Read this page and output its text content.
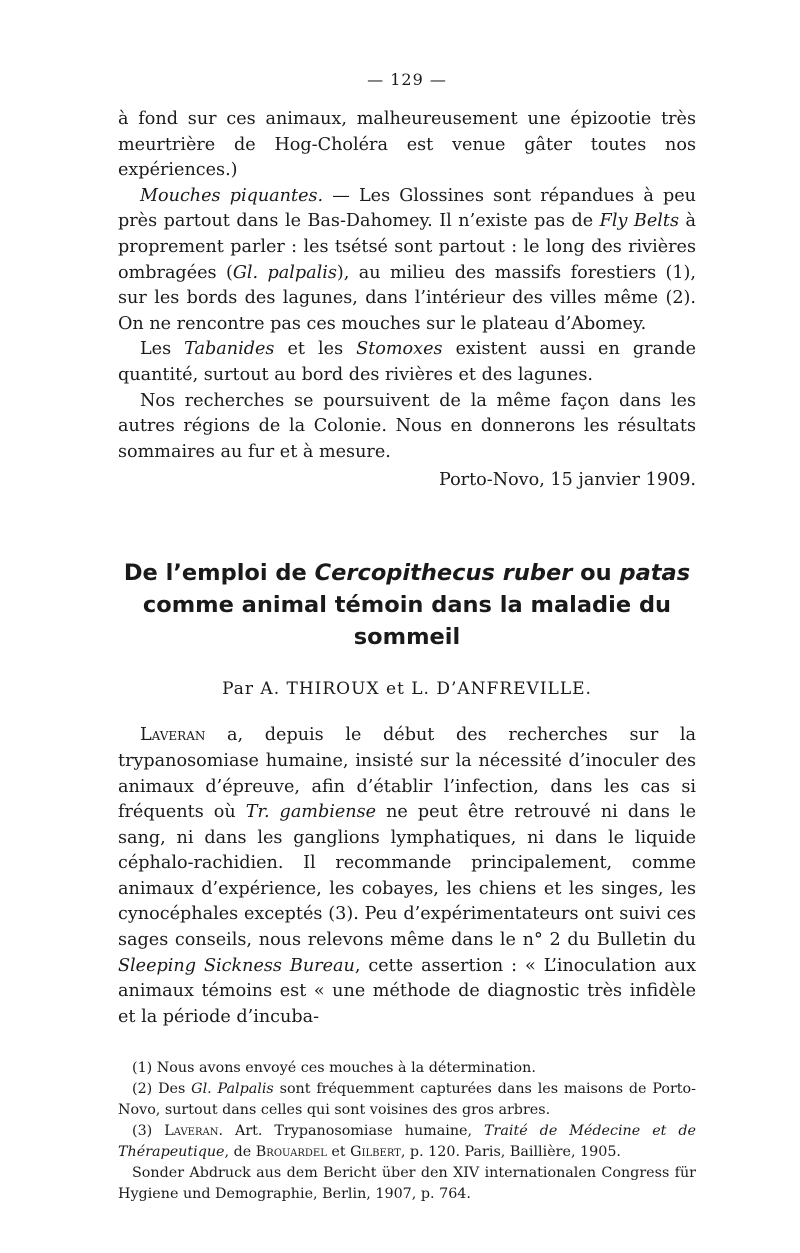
— 129 —

à fond sur ces animaux, malheureusement une épizootie très meurtrière de Hog-Choléra est venue gâter toutes nos expériences.)

Mouches piquantes. — Les Glossines sont répandues à peu près partout dans le Bas-Dahomey. Il n’existe pas de Fly Belts à proprement parler : les tsétsé sont partout : le long des rivières ombragées (Gl. palpalis), au milieu des massifs forestiers (1), sur les bords des lagunes, dans l’intérieur des villes même (2). On ne rencontre pas ces mouches sur le plateau d’Abomey.

Les Tabanides et les Stomoxes existent aussi en grande quantité, surtout au bord des rivières et des lagunes.

Nos recherches se poursuivent de la même façon dans les autres régions de la Colonie. Nous en donnerons les résultats sommaires au fur et à mesure.

Porto-Novo, 15 janvier 1909.
De l’emploi de Cercopithecus ruber ou patas
comme animal témoin dans la maladie du sommeil
Par A. THIROUX et L. D’ANFREVILLE.

Laveran a, depuis le début des recherches sur la trypanosomiase humaine, insisté sur la nécessité d’inoculer des animaux d’épreuve, afin d’établir l’infection, dans les cas si fréquents où Tr. gambiense ne peut être retrouvé ni dans le sang, ni dans les ganglions lymphatiques, ni dans le liquide céphalo-rachidien. Il recommande principalement, comme animaux d’expérience, les cobayes, les chiens et les singes, les cynocéphales exceptés (3). Peu d’expérimentateurs ont suivi ces sages conseils, nous relevons même dans le n° 2 du Bulletin du Sleeping Sickness Bureau, cette assertion : « L’inoculation aux animaux témoins est « une méthode de diagnostic très infidèle et la période d’incuba-

(1) Nous avons envoyé ces mouches à la détermination.

(2) Des Gl. Palpalis sont fréquemment capturées dans les maisons de Porto-Novo, surtout dans celles qui sont voisines des gros arbres.

(3) Laveran. Art. Trypanosomiase humaine, Traité de Médecine et de Thérapeutique, de Brouardel et Gilbert, p. 120. Paris, Baillière, 1905.

Sonder Abdruck aus dem Bericht über den XIV internationalen Congress für Hygiene und Demographie, Berlin, 1907, p. 764.
